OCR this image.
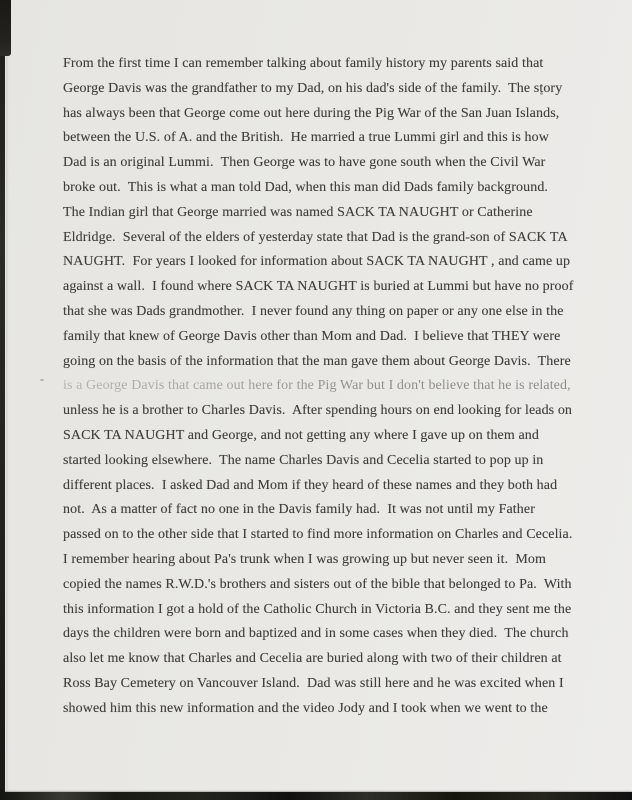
From the first time I can remember talking about family history my parents said that

George Davis was the grandfather to my Dad, on his dad's side of the family.  The story

has always been that George come out here during the Pig War of the San Juan Islands,

between the U.S. of A. and the British.  He married a true Lummi girl and this is how

Dad is an original Lummi.  Then George was to have gone south when the Civil War

broke out.  This is what a man told Dad, when this man did Dads family background.

The Indian girl that George married was named SACK TA NAUGHT or Catherine

Eldridge.  Several of the elders of yesterday state that Dad is the grand-son of SACK TA

NAUGHT.  For years I looked for information about SACK TA NAUGHT , and came up

against a wall.  I found where SACK TA NAUGHT is buried at Lummi but have no proof

that she was Dads grandmother.  I never found any thing on paper or any one else in the

family that knew of George Davis other than Mom and Dad.  I believe that THEY were

going on the basis of the information that the man gave them about George Davis.  There

is a George Davis that came out here for the Pig War but I don't believe that he is related,

unless he is a brother to Charles Davis.  After spending hours on end looking for leads on

SACK TA NAUGHT and George, and not getting any where I gave up on them and

started looking elsewhere.  The name Charles Davis and Cecelia started to pop up in

different places.  I asked Dad and Mom if they heard of these names and they both had

not.  As a matter of fact no one in the Davis family had.  It was not until my Father

passed on to the other side that I started to find more information on Charles and Cecelia.

I remember hearing about Pa's trunk when I was growing up but never seen it.  Mom

copied the names R.W.D.'s brothers and sisters out of the bible that belonged to Pa.  With

this information I got a hold of the Catholic Church in Victoria B.C. and they sent me the

days the children were born and baptized and in some cases when they died.  The church

also let me know that Charles and Cecelia are buried along with two of their children at

Ross Bay Cemetery on Vancouver Island.  Dad was still here and he was excited when I

showed him this new information and the video Jody and I took when we went to the
